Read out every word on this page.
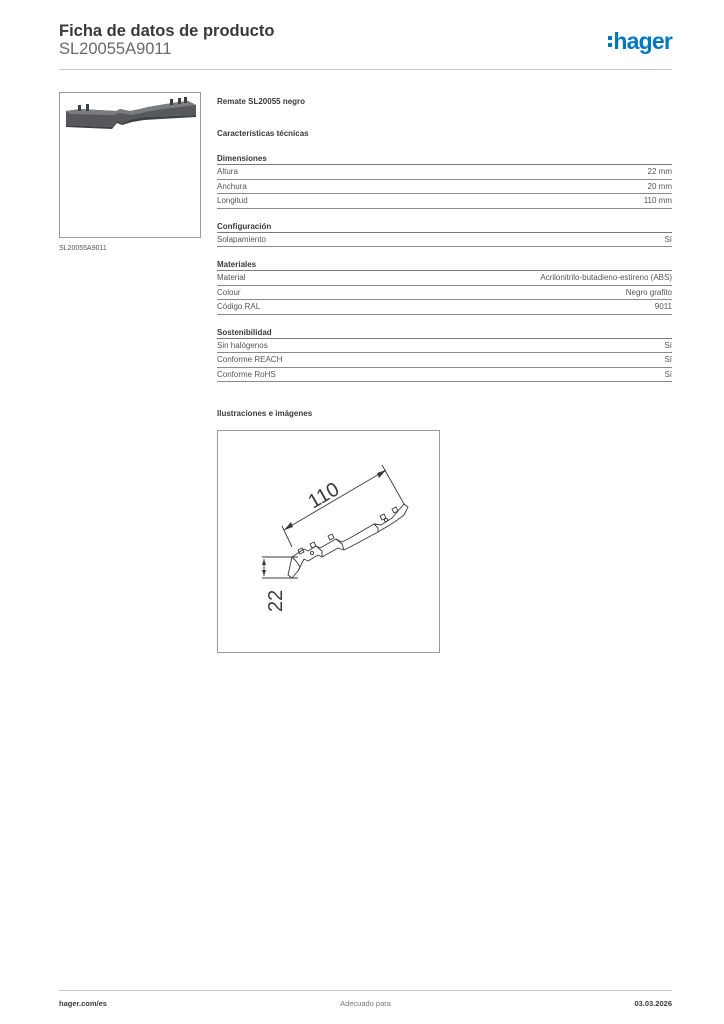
Ficha de datos de producto
SL20055A9011	hager
SL20055A9011
Remate SL20055 negro
Características técnicas
Dimensiones
Altura	22 mm
Anchura	20 mm
Longitud	110 mm
Configuración
Solapamiento	Sí
Materiales
Material	Acrilonitrilo-butadieno-estireno (ABS)
Colour	Negro grafito
Código RAL	9011
Sostenibilidad
Sin halógenos	Sí
Conforme REACH	Sí
Conforme RoHS	Sí
Ilustraciones e imágenes
110
22
hager.com/es	Adecuado para	03.03.2026
